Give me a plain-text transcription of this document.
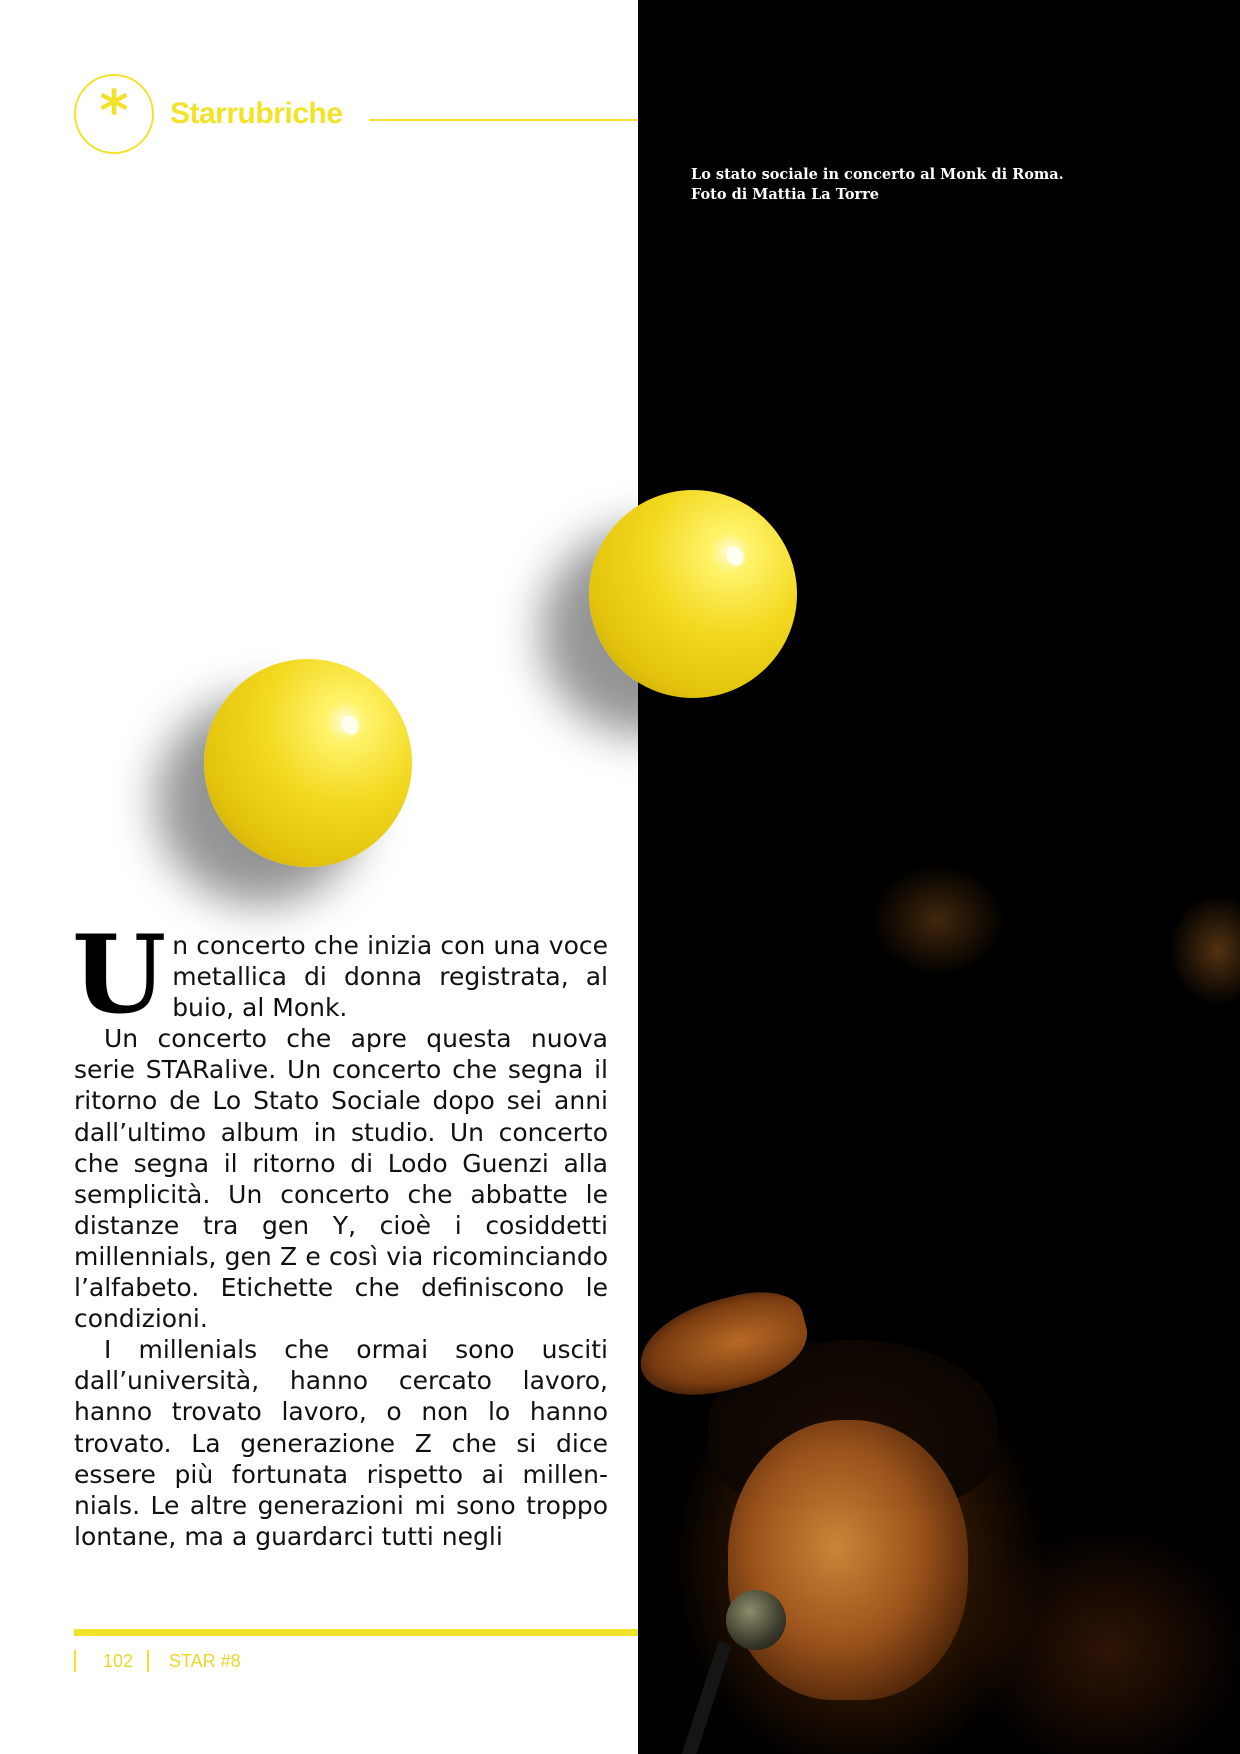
Lo stato sociale in concerto al Monk di Roma.
Foto di Mattia La Torre
*	Starrubriche

Un concerto che inizia con una voce metallica di donna registrata, al buio, al Monk.

Un concerto che apre questa nuova serie STARalive. Un concerto che segna il ritorno de Lo Stato Sociale dopo sei anni dall’ultimo album in studio. Un concerto che segna il ritorno di Lodo Guenzi alla semplicità. Un concerto che abbatte le distanze tra gen Y, cioè i cosiddetti millennials, gen Z e così via ricominciando l’alfabeto. Etichette che definiscono le condizioni.

I millenials che ormai sono usciti dall’università, hanno cercato lavoro, hanno trovato lavoro, o non lo hanno trovato. La generazione Z che si dice essere più fortunata rispetto ai millennials. Le altre generazioni mi sono troppo lontane, ma a guardarci tutti negli

102 STAR #8
